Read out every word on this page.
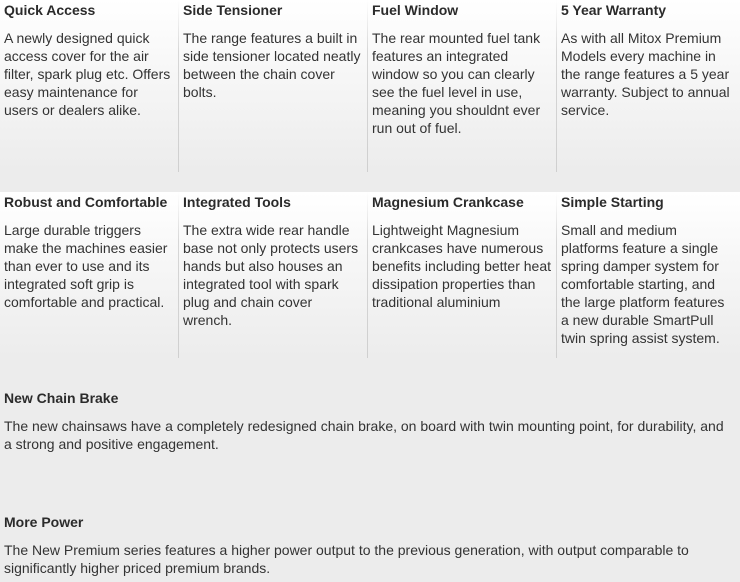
Quick Access

A newly designed quick access cover for the air filter, spark plug etc. Offers easy maintenance for users or dealers alike.

Side Tensioner

The range features a built in side tensioner located neatly between the chain cover bolts.

Fuel Window

The rear mounted fuel tank features an integrated window so you can clearly see the fuel level in use, meaning you shouldnt ever run out of fuel.

5 Year Warranty

As with all Mitox Premium Models every machine in the range features a 5 year warranty. Subject to annual service.

Robust and Comfortable

Large durable triggers make the machines easier than ever to use and its integrated soft grip is comfortable and practical.

Integrated Tools

The extra wide rear handle base not only protects users hands but also houses an integrated tool with spark plug and chain cover wrench.

Magnesium Crankcase

Lightweight Magnesium crankcases have numerous benefits including better heat dissipation properties than traditional aluminium

Simple Starting

Small and medium platforms feature a single spring damper system for comfortable starting, and the large platform features a new durable SmartPull twin spring assist system.

New Chain Brake

The new chainsaws have a completely redesigned chain brake, on board with twin mounting point, for durability, and a strong and positive engagement.

More Power

The New Premium series features a higher power output to the previous generation, with output comparable to significantly higher priced premium brands.
